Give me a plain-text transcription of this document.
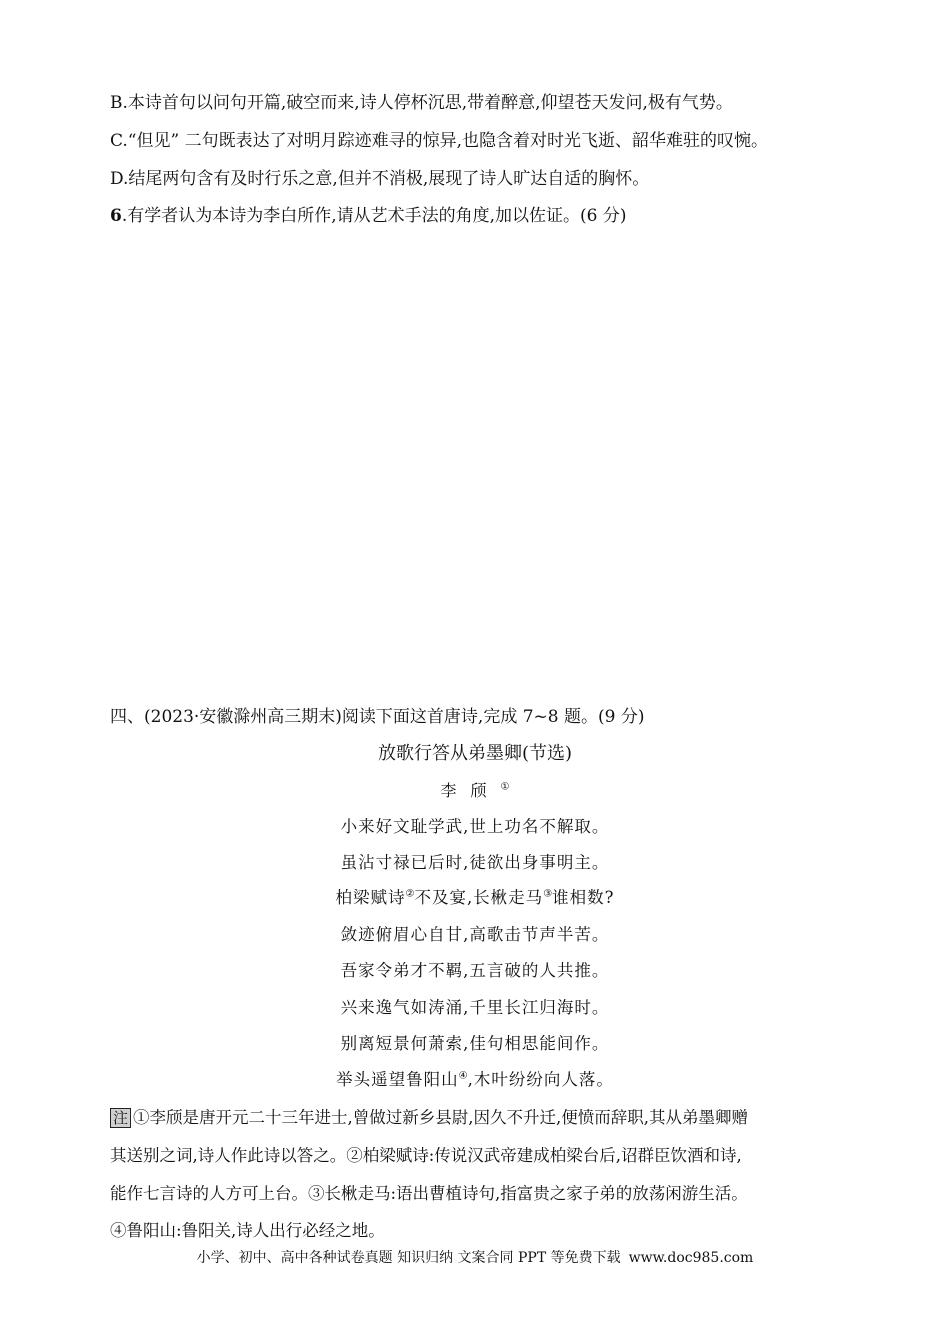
B.本诗首句以问句开篇,破空而来,诗人停杯沉思,带着醉意,仰望苍天发问,极有气势。
C.“但见” 二句既表达了对明月踪迹难寻的惊异,也隐含着对时光飞逝、韶华难驻的叹惋。
D.结尾两句含有及时行乐之意,但并不消极,展现了诗人旷达自适的胸怀。
6.有学者认为本诗为李白所作,请从艺术手法的角度,加以佐证。(6 分)
四、(2023·安徽滁州高三期末)阅读下面这首唐诗,完成 7~8 题。(9 分)
放歌行答从弟墨卿(节选)
李颀①
小来好文耻学武,世上功名不解取。
虽沾寸禄已后时,徒欲出身事明主。
柏梁赋诗②不及宴,长楸走马③谁相数?
敛迹俯眉心自甘,高歌击节声半苦。
吾家令弟才不羁,五言破的人共推。
兴来逸气如涛涌,千里长江归海时。
别离短景何萧索,佳句相思能间作。
举头遥望鲁阳山④,木叶纷纷向人落。
注 ①李颀是唐开元二十三年进士,曾做过新乡县尉,因久不升迁,便愤而辞职,其从弟墨卿赠
其送别之词,诗人作此诗以答之。②柏梁赋诗:传说汉武帝建成柏梁台后,诏群臣饮酒和诗,
能作七言诗的人方可上台。③长楸走马:语出曹植诗句,指富贵之家子弟的放荡闲游生活。
④鲁阳山:鲁阳关,诗人出行必经之地。
小学、初中、高中各种试卷真题 知识归纳 文案合同 PPT 等免费下载 www.doc985.com
